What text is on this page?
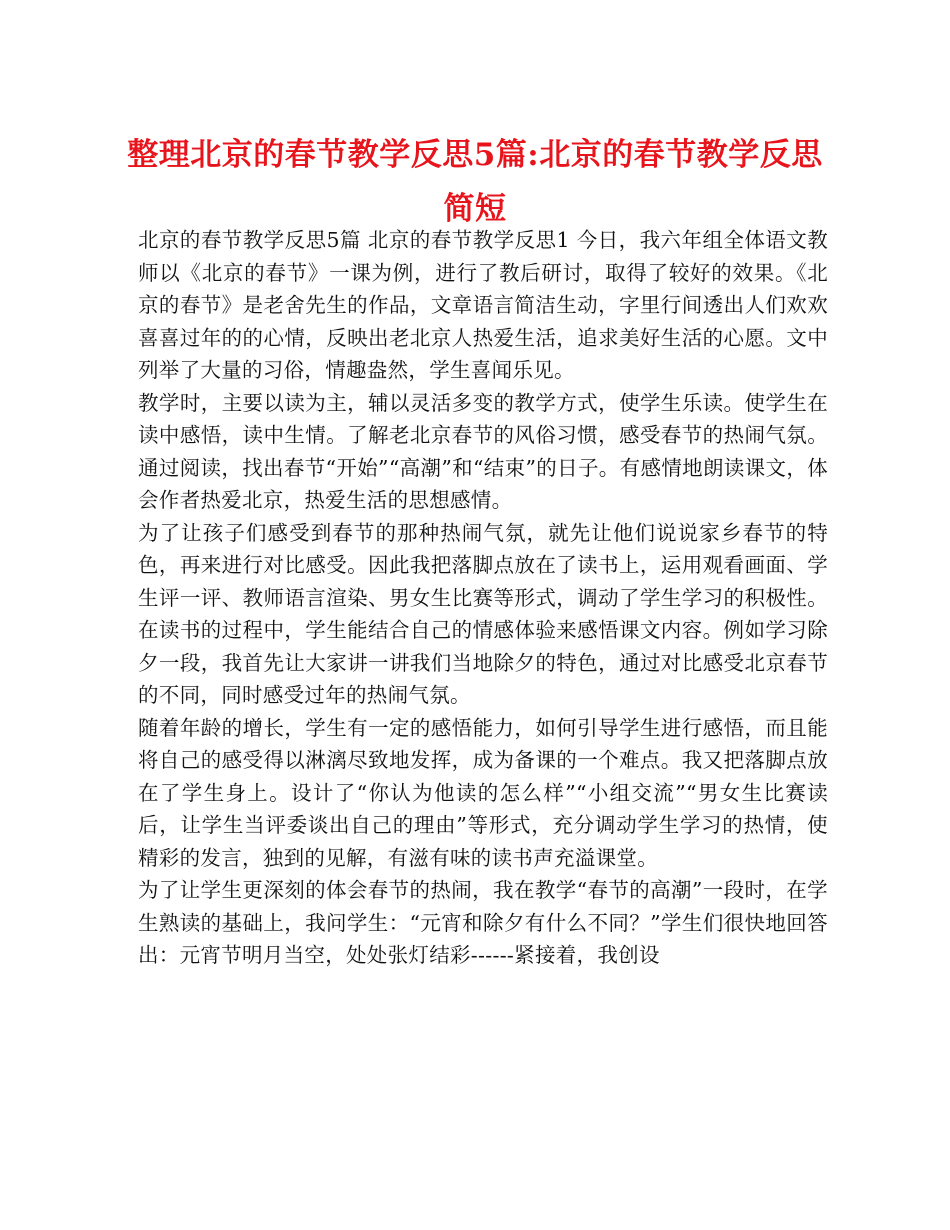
整理北京的春节教学反思5篇:北京的春节教学反思简短

北京的春节教学反思5篇 北京的春节教学反思1 今日，我六年组全体语文教师以《北京的春节》一课为例，进行了教后研讨，取得了较好的效果。《北京的春节》是老舍先生的作品，文章语言简洁生动，字里行间透出人们欢欢喜喜过年的的心情，反映出老北京人热爱生活，追求美好生活的心愿。文中列举了大量的习俗，情趣盎然，学生喜闻乐见。

教学时，主要以读为主，辅以灵活多变的教学方式，使学生乐读。使学生在读中感悟，读中生情。了解老北京春节的风俗习惯，感受春节的热闹气氛。通过阅读，找出春节“开始”“高潮”和“结束”的日子。有感情地朗读课文，体会作者热爱北京，热爱生活的思想感情。

为了让孩子们感受到春节的那种热闹气氛，就先让他们说说家乡春节的特色，再来进行对比感受。因此我把落脚点放在了读书上，运用观看画面、学生评一评、教师语言渲染、男女生比赛等形式，调动了学生学习的积极性。在读书的过程中，学生能结合自己的情感体验来感悟课文内容。例如学习除夕一段，我首先让大家讲一讲我们当地除夕的特色，通过对比感受北京春节的不同，同时感受过年的热闹气氛。

随着年龄的增长，学生有一定的感悟能力，如何引导学生进行感悟，而且能将自己的感受得以淋漓尽致地发挥，成为备课的一个难点。我又把落脚点放在了学生身上。设计了“你认为他读的怎么样”“小组交流”“男女生比赛读后，让学生当评委谈出自己的理由”等形式，充分调动学生学习的热情，使精彩的发言，独到的见解，有滋有味的读书声充溢课堂。

为了让学生更深刻的体会春节的热闹，我在教学“春节的高潮”一段时，在学生熟读的基础上，我问学生：“元宵和除夕有什么不同？”学生们很快地回答出：元宵节明月当空，处处张灯结彩------紧接着，我创设
